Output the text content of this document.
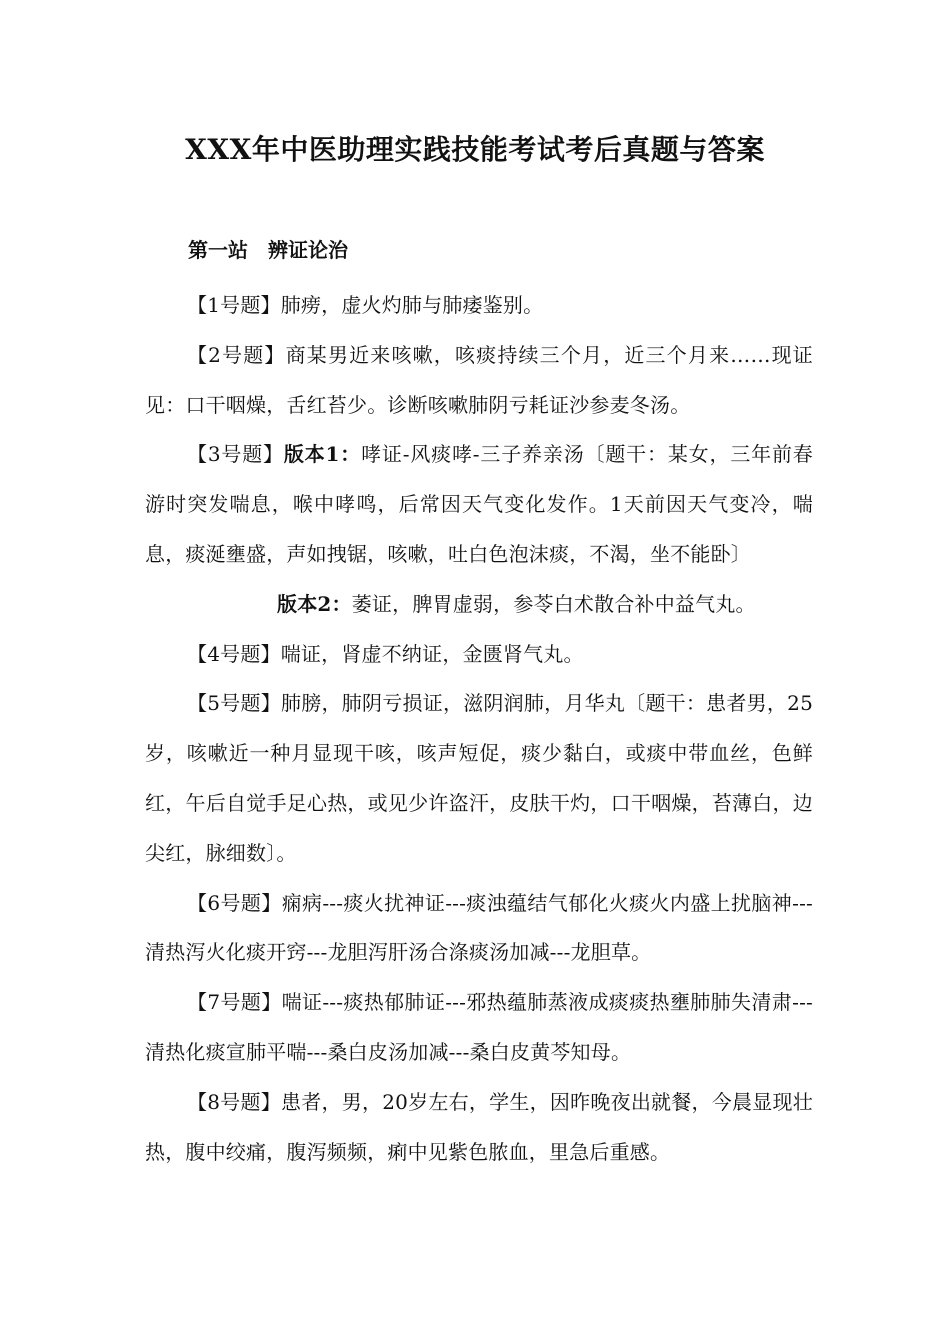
XXX年中医助理实践技能考试考后真题与答案
第一站 辨证论治

【1号题】肺痨，虚火灼肺与肺痿鉴别。

【2号题】商某男近来咳嗽，咳痰持续三个月，近三个月来……现证见：口干咽燥，舌红苔少。诊断咳嗽肺阴亏耗证沙参麦冬汤。

【3号题】版本1：哮证-风痰哮-三子养亲汤〔题干：某女，三年前春游时突发喘息，喉中哮鸣，后常因天气变化发作。1天前因天气变冷，喘息，痰涎壅盛，声如拽锯，咳嗽，吐白色泡沫痰，不渴，坐不能卧〕

版本2：萎证，脾胃虚弱，参苓白术散合补中益气丸。

【4号题】喘证，肾虚不纳证，金匮肾气丸。

【5号题】肺膀，肺阴亏损证，滋阴润肺，月华丸〔题干：患者男，25岁，咳嗽近一种月显现干咳，咳声短促，痰少黏白，或痰中带血丝，色鲜红，午后自觉手足心热，或见少许盗汗，皮肤干灼，口干咽燥，苔薄白，边尖红，脉细数〕。

【6号题】痫病---痰火扰神证---痰浊蕴结气郁化火痰火内盛上扰脑神---清热泻火化痰开窍---龙胆泻肝汤合涤痰汤加减---龙胆草。

【7号题】喘证---痰热郁肺证---邪热蕴肺蒸液成痰痰热壅肺肺失清肃---清热化痰宣肺平喘---桑白皮汤加减---桑白皮黄芩知母。

【8号题】患者，男，20岁左右，学生，因昨晚夜出就餐，今晨显现壮热，腹中绞痛，腹泻频频，痢中见紫色脓血，里急后重感。
